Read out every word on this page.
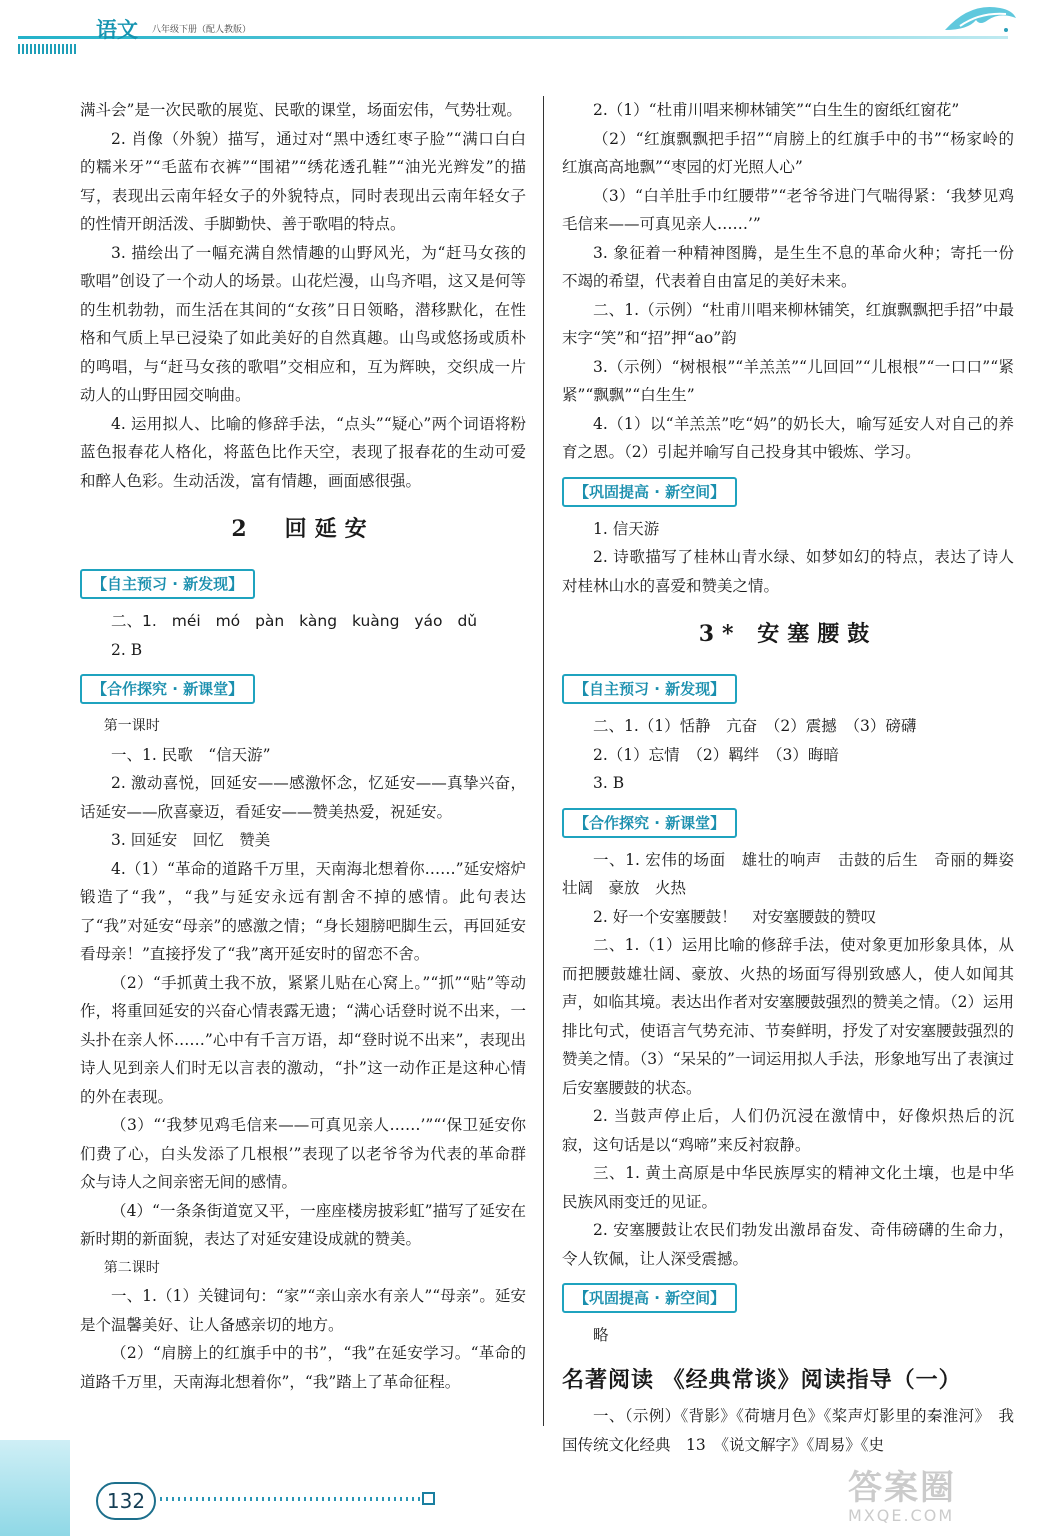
语文 八年级下册（配人教版）

满斗会”是一次民歌的展览、民歌的课堂，场面宏伟，气势壮观。

2. 肖像（外貌）描写，通过对“黑中透红枣子脸”“满口白白的糯米牙”“毛蓝布衣裤”“围裙”“绣花透孔鞋”“油光光辫发”的描写，表现出云南年轻女子的外貌特点，同时表现出云南年轻女子的性情开朗活泼、手脚勤快、善于歌唱的特点。

3. 描绘出了一幅充满自然情趣的山野风光，为“赶马女孩的歌唱”创设了一个动人的场景。山花烂漫，山鸟齐唱，这又是何等的生机勃勃，而生活在其间的“女孩”日日领略，潜移默化，在性格和气质上早已浸染了如此美好的自然真趣。山鸟或悠扬或质朴的鸣唱，与“赶马女孩的歌唱”交相应和，互为辉映，交织成一片动人的山野田园交响曲。

4. 运用拟人、比喻的修辞手法，“点头”“疑心”两个词语将粉蓝色报春花人格化，将蓝色比作天空，表现了报春花的生动可爱和醉人色彩。生动活泼，富有情趣，画面感很强。

2　回延安
【自主预习 · 新发现】

二、1. méi mó pàn kàng kuàng yáo dǔ

2. B

【合作探究 · 新课堂】

第一课时

一、1. 民歌　“信天游”

2. 激动喜悦，回延安——感激怀念，忆延安——真挚兴奋，话延安——欣喜豪迈，看延安——赞美热爱，祝延安。

3. 回延安　回忆　赞美

4.（1）“革命的道路千万里，天南海北想着你……”延安熔炉锻造了“我”，“我”与延安永远有割舍不掉的感情。此句表达了“我”对延安“母亲”的感激之情；“身长翅膀吧脚生云，再回延安看母亲！”直接抒发了“我”离开延安时的留恋不舍。

（2）“手抓黄土我不放，紧紧儿贴在心窝上。”“抓”“贴”等动作，将重回延安的兴奋心情表露无遗；“满心话登时说不出来，一头扑在亲人怀……”心中有千言万语，却“登时说不出来”，表现出诗人见到亲人们时无以言表的激动，“扑”这一动作正是这种心情的外在表现。

（3）“‘我梦见鸡毛信来——可真见亲人……’”“‘保卫延安你们费了心，白头发添了几根根’”表现了以老爷爷为代表的革命群众与诗人之间亲密无间的感情。

（4）“一条条街道宽又平，一座座楼房披彩虹”描写了延安在新时期的新面貌，表达了对延安建设成就的赞美。

第二课时

一、1.（1）关键词句：“家”“亲山亲水有亲人”“母亲”。延安是个温馨美好、让人备感亲切的地方。

（2）“肩膀上的红旗手中的书”，“我”在延安学习。“革命的道路千万里，天南海北想着你”，“我”踏上了革命征程。

2.（1）“杜甫川唱来柳林铺笑”“白生生的窗纸红窗花”

（2）“红旗飘飘把手招”“肩膀上的红旗手中的书”“杨家岭的红旗高高地飘”“枣园的灯光照人心”

（3）“白羊肚手巾红腰带”“老爷爷进门气喘得紧：‘我梦见鸡毛信来——可真见亲人……’”

3. 象征着一种精神图腾，是生生不息的革命火种；寄托一份不竭的希望，代表着自由富足的美好未来。

二、1.（示例）“杜甫川唱来柳林铺笑，红旗飘飘把手招”中最末字“笑”和“招”押“ao”韵

3.（示例）“树根根”“羊羔羔”“儿回回”“儿根根”“一口口”“紧紧”“飘飘”“白生生”

4.（1）以“羊羔羔”吃“妈”的奶长大，喻写延安人对自己的养育之恩。（2）引起并喻写自己投身其中锻炼、学习。

【巩固提高 · 新空间】

1. 信天游

2. 诗歌描写了桂林山青水绿、如梦如幻的特点，表达了诗人对桂林山水的喜爱和赞美之情。

3* 安塞腰鼓
【自主预习 · 新发现】

二、1.（1）恬静　亢奋　（2）震撼　（3）磅礴

2.（1）忘情　（2）羁绊　（3）晦暗

3. B

【合作探究 · 新课堂】

一、1. 宏伟的场面　雄壮的响声　击鼓的后生　奇丽的舞姿　壮阔　豪放　火热

2. 好一个安塞腰鼓！　对安塞腰鼓的赞叹

二、1.（1）运用比喻的修辞手法，使对象更加形象具体，从而把腰鼓雄壮阔、豪放、火热的场面写得别致感人，使人如闻其声，如临其境。表达出作者对安塞腰鼓强烈的赞美之情。（2）运用排比句式，使语言气势充沛、节奏鲜明，抒发了对安塞腰鼓强烈的赞美之情。（3）“呆呆的”一词运用拟人手法，形象地写出了表演过后安塞腰鼓的状态。

2. 当鼓声停止后，人们仍沉浸在激情中，好像炽热后的沉寂，这句话是以“鸡啼”来反衬寂静。

三、1. 黄土高原是中华民族厚实的精神文化土壤，也是中华民族风雨变迁的见证。

2. 安塞腰鼓让农民们勃发出激昂奋发、奇伟磅礴的生命力，令人钦佩，让人深受震撼。

【巩固提高 · 新空间】

略

名著阅读 《经典常谈》阅读指导（一）

一、（示例）《背影》《荷塘月色》《桨声灯影里的秦淮河》　我国传统文化经典　13　《说文解字》《周易》《史

132	答案圈
MXQE.COM
